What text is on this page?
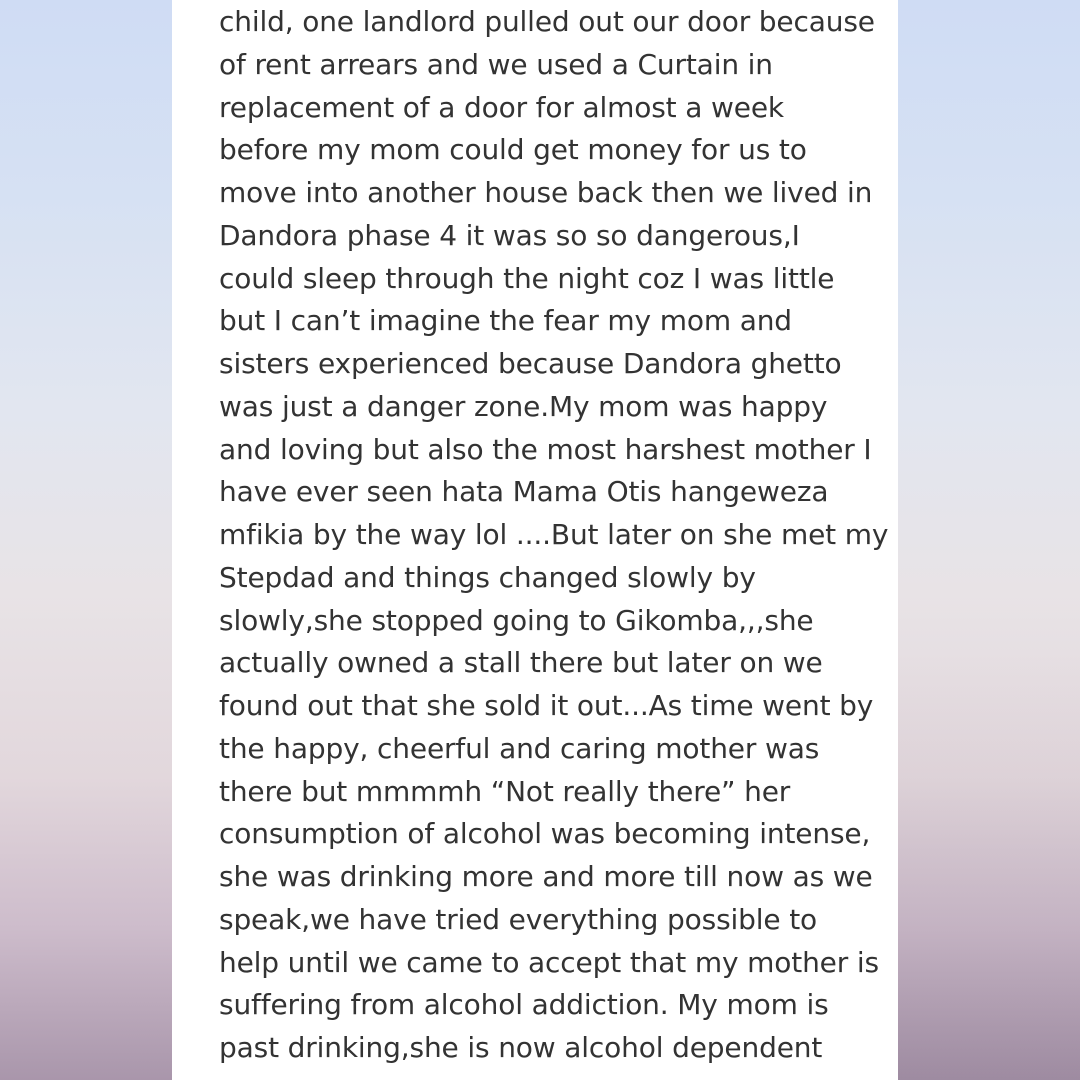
child, one landlord pulled out our door because
of rent arrears and we used a Curtain in
replacement of a door for almost a week
before my mom could get money for us to
move into another house back then we lived in
Dandora phase 4 it was so so dangerous,I
could sleep through the night coz I was little
but I can’t imagine the fear my mom and
sisters experienced because Dandora ghetto
was just a danger zone.My mom was happy
and loving but also the most harshest mother I
have ever seen hata Mama Otis hangeweza
mfikia by the way lol ....But later on she met my
Stepdad and things changed slowly by
slowly,she stopped going to Gikomba,,,she
actually owned a stall there but later on we
found out that she sold it out...As time went by
the happy, cheerful and caring mother was
there but mmmmh “Not really there” her
consumption of alcohol was becoming intense,
she was drinking more and more till now as we
speak,we have tried everything possible to
help until we came to accept that my mother is
suffering from alcohol addiction. My mom is
past drinking,she is now alcohol dependent
